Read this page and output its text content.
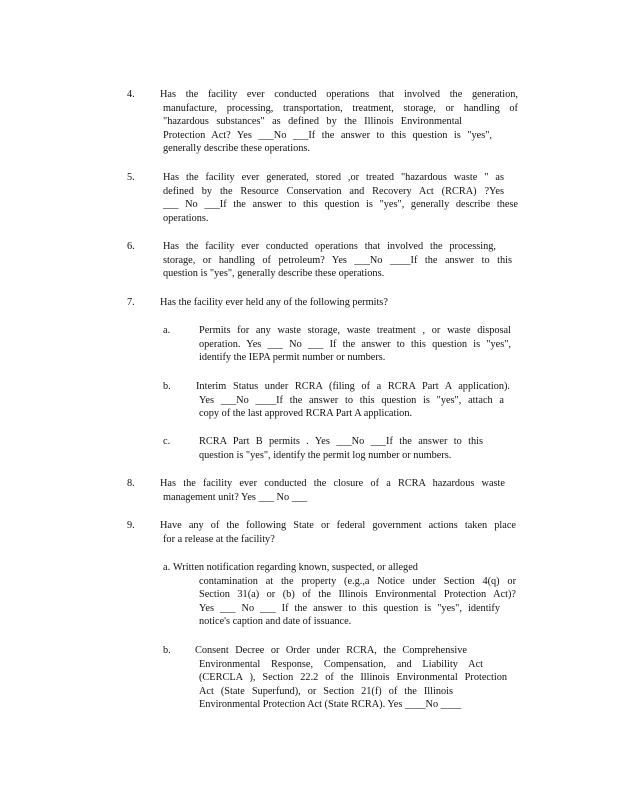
4. Has the facility ever conducted operations that involved the generation,
manufacture, processing, transportation, treatment, storage, or handling of
"hazardous substances" as defined by the Illinois Environmental
Protection Act? Yes ___No ___If the answer to this question is "yes",
generally describe these operations.
5.	Has the facility ever generated, stored ,or treated "hazardous waste " as
defined by the Resource Conservation and Recovery Act (RCRA) ?Yes
___ No ___If the answer to this question is "yes", generally describe these
operations.
6.	Has the facility ever conducted operations that involved the processing,
storage, or handling of petroleum? Yes ___No ____If the answer to this
question is "yes", generally describe these operations.
7. Has the facility ever held any of the following permits?
a.	Permits for any waste storage, waste treatment , or waste disposal
operation. Yes ___ No ___ If the answer to this question is "yes",
identify the IEPA permit number or numbers.
b. Interim Status under RCRA (filing of a RCRA Part A application).
Yes ___No ____If the answer to this question is "yes", attach a
copy of the last approved RCRA Part A application.
c.	RCRA Part B permits . Yes ___No ___If the answer to this
question is "yes", identify the permit log number or numbers.
8. Has the facility ever conducted the closure of a RCRA hazardous waste
management unit? Yes ___ No ___
9. Have any of the following State or federal government actions taken place
for a release at the facility?
a. Written notification regarding known, suspected, or alleged
contamination at the property (e.g.,a Notice under Section 4(q) or
Section 31(a) or (b) of the Illinois Environmental Protection Act)?
Yes ___ No ___ If the answer to this question is "yes", identify
notice's caption and date of issuance.
b. Consent Decree or Order under RCRA, the Comprehensive
Environmental Response, Compensation, and Liability Act
(CERCLA ), Section 22.2 of the Illinois Environmental Protection
Act (State Superfund), or Section 21(f) of the Illinois
Environmental Protection Act (State RCRA). Yes ____No ____
